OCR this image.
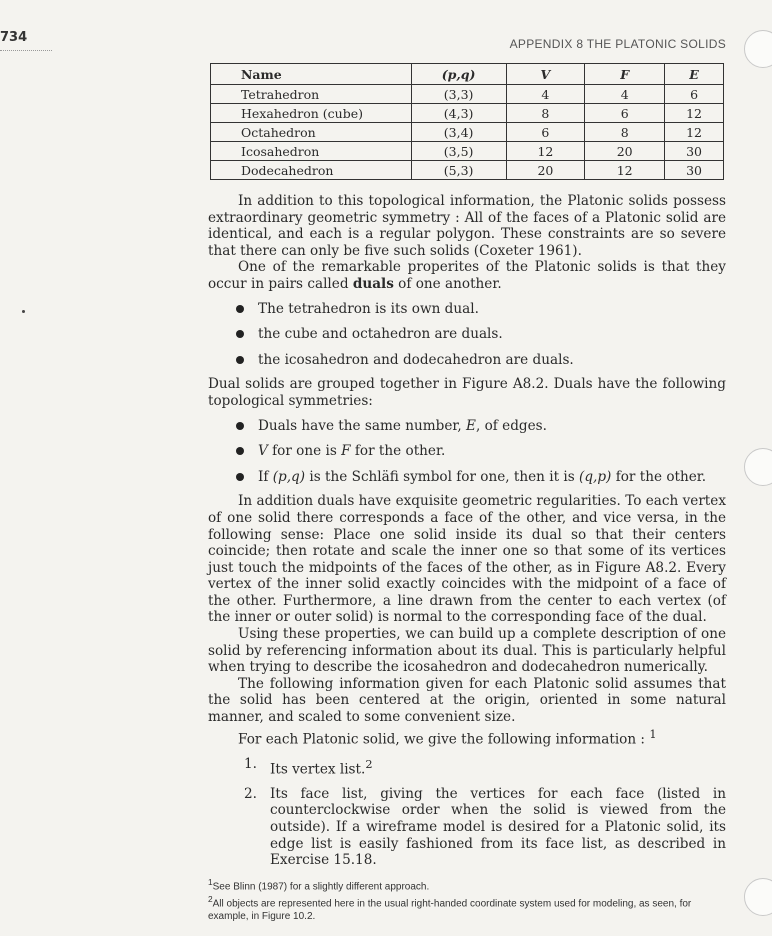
734	APPENDIX 8 THE PLATONIC SOLIDS
Name	(p,q)	V	F	E
Tetrahedron	(3,3)	4	4	6
Hexahedron (cube)	(4,3)	8	6	12
Octahedron	(3,4)	6	8	12
Icosahedron	(3,5)	12	20	30
Dodecahedron	(5,3)	20	12	30

In addition to this topological information, the Platonic solids possess extraordinary geometric symmetry : All of the faces of a Platonic solid are identical, and each is a regular polygon. These constraints are so severe that there can only be five such solids (Coxeter 1961).

One of the remarkable properites of the Platonic solids is that they occur in pairs called duals of one another.

The tetrahedron is its own dual.
the cube and octahedron are duals.
the icosahedron and dodecahedron are duals.

Dual solids are grouped together in Figure A8.2. Duals have the following topological symmetries:

Duals have the same number, E, of edges.
V for one is F for the other.
If (p,q) is the Schläfi symbol for one, then it is (q,p) for the other.

In addition duals have exquisite geometric regularities. To each vertex of one solid there corresponds a face of the other, and vice versa, in the following sense: Place one solid inside its dual so that their centers coincide; then rotate and scale the inner one so that some of its vertices just touch the midpoints of the faces of the other, as in Figure A8.2. Every vertex of the inner solid exactly coincides with the midpoint of a face of the other. Furthermore, a line drawn from the center to each vertex (of the inner or outer solid) is normal to the corresponding face of the dual.

Using these properties, we can build up a complete description of one solid by referencing information about its dual. This is particularly helpful when trying to describe the icosahedron and dodecahedron numerically.

The following information given for each Platonic solid assumes that the solid has been centered at the origin, oriented in some natural manner, and scaled to some convenient size.

For each Platonic solid, we give the following information : $^1$

1. Its vertex list.$^2$
2. Its face list, giving the vertices for each face (listed in counterclockwise order when the solid is viewed from the outside). If a wireframe model is desired for a Platonic solid, its edge list is easily fashioned from its face list, as described in Exercise 15.18.

$^1$See Blinn (1987) for a slightly different approach.

$^2$All objects are represented here in the usual right-handed coordinate system used for modeling, as seen, for example, in Figure 10.2.
